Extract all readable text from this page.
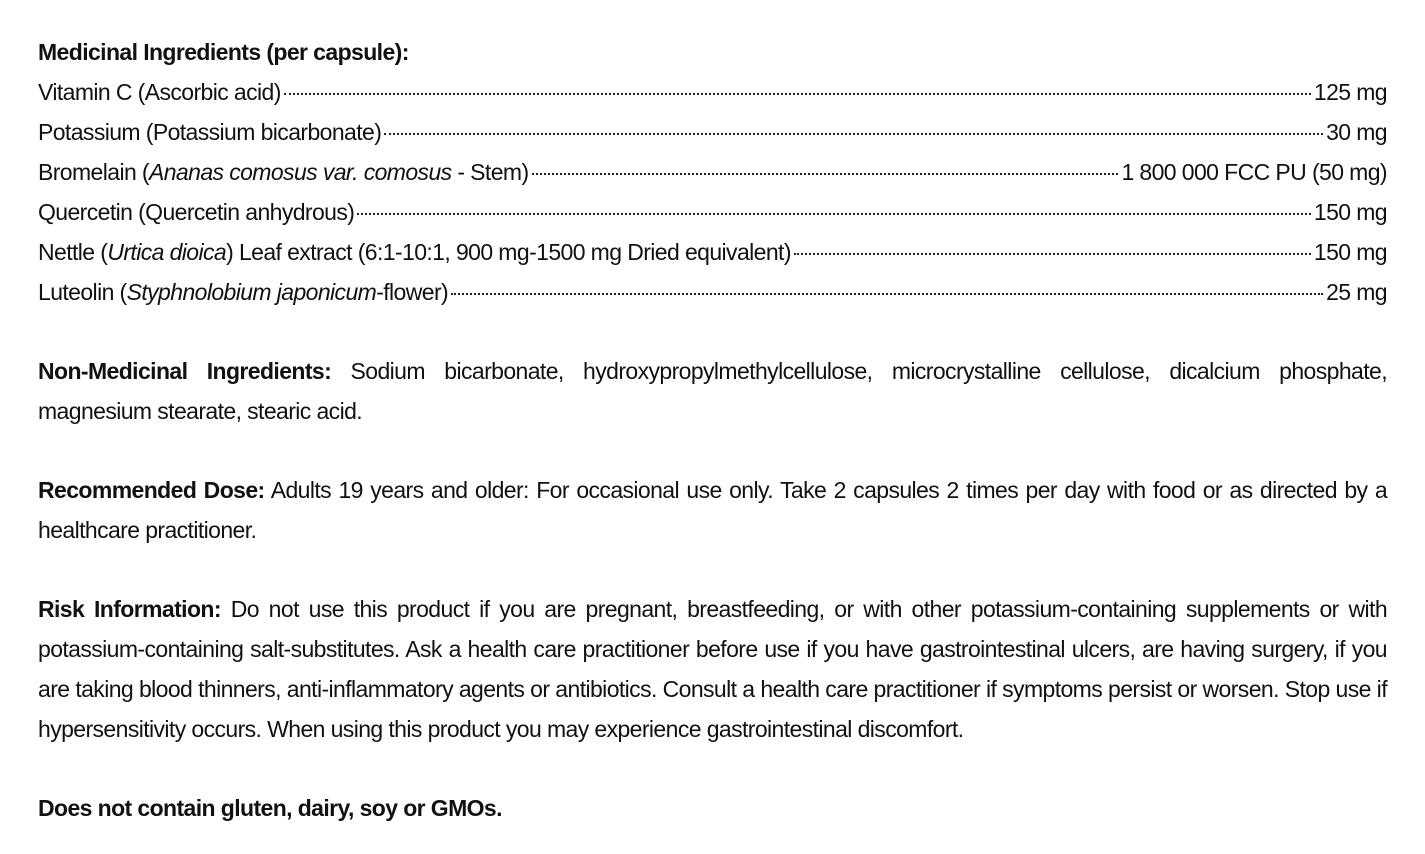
Medicinal Ingredients (per capsule):
Vitamin C (Ascorbic acid)	125 mg
Potassium (Potassium bicarbonate)	30 mg
Bromelain (Ananas comosus var. comosus - Stem)	1 800 000 FCC PU (50 mg)
Quercetin (Quercetin anhydrous)	150 mg
Nettle (Urtica dioica) Leaf extract (6:1-10:1, 900 mg-1500 mg Dried equivalent)	150 mg
Luteolin (Styphnolobium japonicum-flower)	25 mg
Non-Medicinal Ingredients: Sodium bicarbonate, hydroxypropylmethylcellulose, microcrystalline cellulose, dicalcium phosphate, magnesium stearate, stearic acid.
Recommended Dose: Adults 19 years and older: For occasional use only. Take 2 capsules 2 times per day with food or as directed by a healthcare practitioner.
Risk Information: Do not use this product if you are pregnant, breastfeeding, or with other potassium-containing supplements or with potassium-containing salt-substitutes. Ask a health care practitioner before use if you have gastrointestinal ulcers, are having surgery, if you are taking blood thinners, anti-inflammatory agents or antibiotics. Consult a health care practitioner if symptoms persist or worsen. Stop use if hypersensitivity occurs. When using this product you may experience gastrointestinal discomfort.
Does not contain gluten, dairy, soy or GMOs.
